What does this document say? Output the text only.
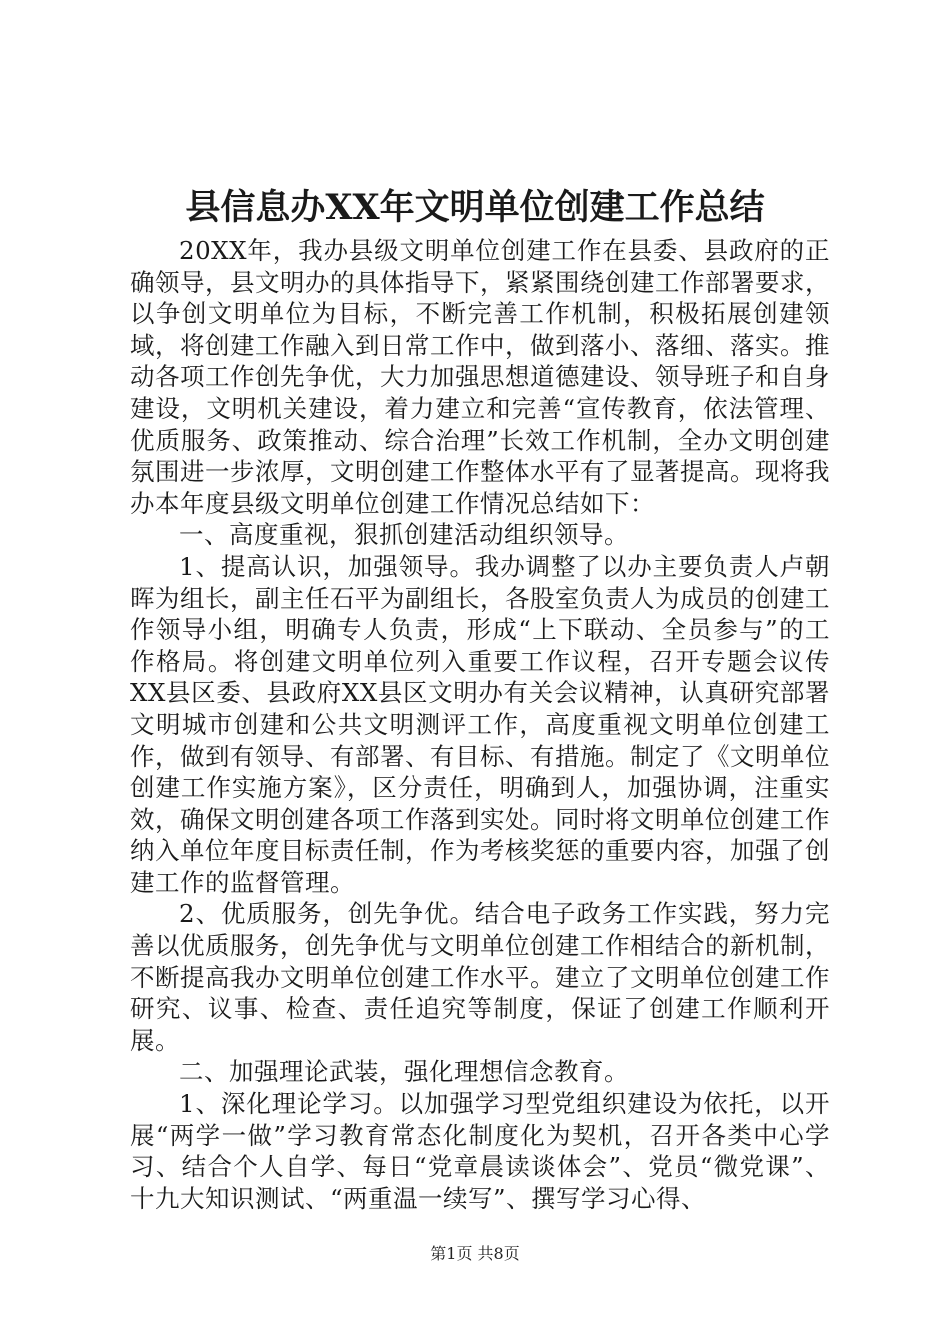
县信息办XX年文明单位创建工作总结

20XX年，我办县级文明单位创建工作在县委、县政府的正确领导，县文明办的具体指导下，紧紧围绕创建工作部署要求，以争创文明单位为目标，不断完善工作机制，积极拓展创建领域，将创建工作融入到日常工作中，做到落小、落细、落实。推动各项工作创先争优，大力加强思想道德建设、领导班子和自身建设，文明机关建设，着力建立和完善“宣传教育，依法管理、优质服务、政策推动、综合治理”长效工作机制，全办文明创建氛围进一步浓厚，文明创建工作整体水平有了显著提高。现将我办本年度县级文明单位创建工作情况总结如下：

一、高度重视，狠抓创建活动组织领导。

1、提高认识，加强领导。我办调整了以办主要负责人卢朝晖为组长，副主任石平为副组长，各股室负责人为成员的创建工作领导小组，明确专人负责，形成“上下联动、全员参与”的工作格局。将创建文明单位列入重要工作议程，召开专题会议传XX县区委、县政府XX县区文明办有关会议精神，认真研究部署文明城市创建和公共文明测评工作，高度重视文明单位创建工作，做到有领导、有部署、有目标、有措施。制定了《文明单位创建工作实施方案》，区分责任，明确到人，加强协调，注重实效，确保文明创建各项工作落到实处。同时将文明单位创建工作纳入单位年度目标责任制，作为考核奖惩的重要内容，加强了创建工作的监督管理。

2、优质服务，创先争优。结合电子政务工作实践，努力完善以优质服务，创先争优与文明单位创建工作相结合的新机制，不断提高我办文明单位创建工作水平。建立了文明单位创建工作研究、议事、检查、责任追究等制度，保证了创建工作顺利开展。

二、加强理论武装，强化理想信念教育。

1、深化理论学习。以加强学习型党组织建设为依托，以开展“两学一做”学习教育常态化制度化为契机，召开各类中心学习、结合个人自学、每日“党章晨读谈体会”、党员“微党课”、十九大知识测试、“两重温一续写”、撰写学习心得、

第1页 共8页
